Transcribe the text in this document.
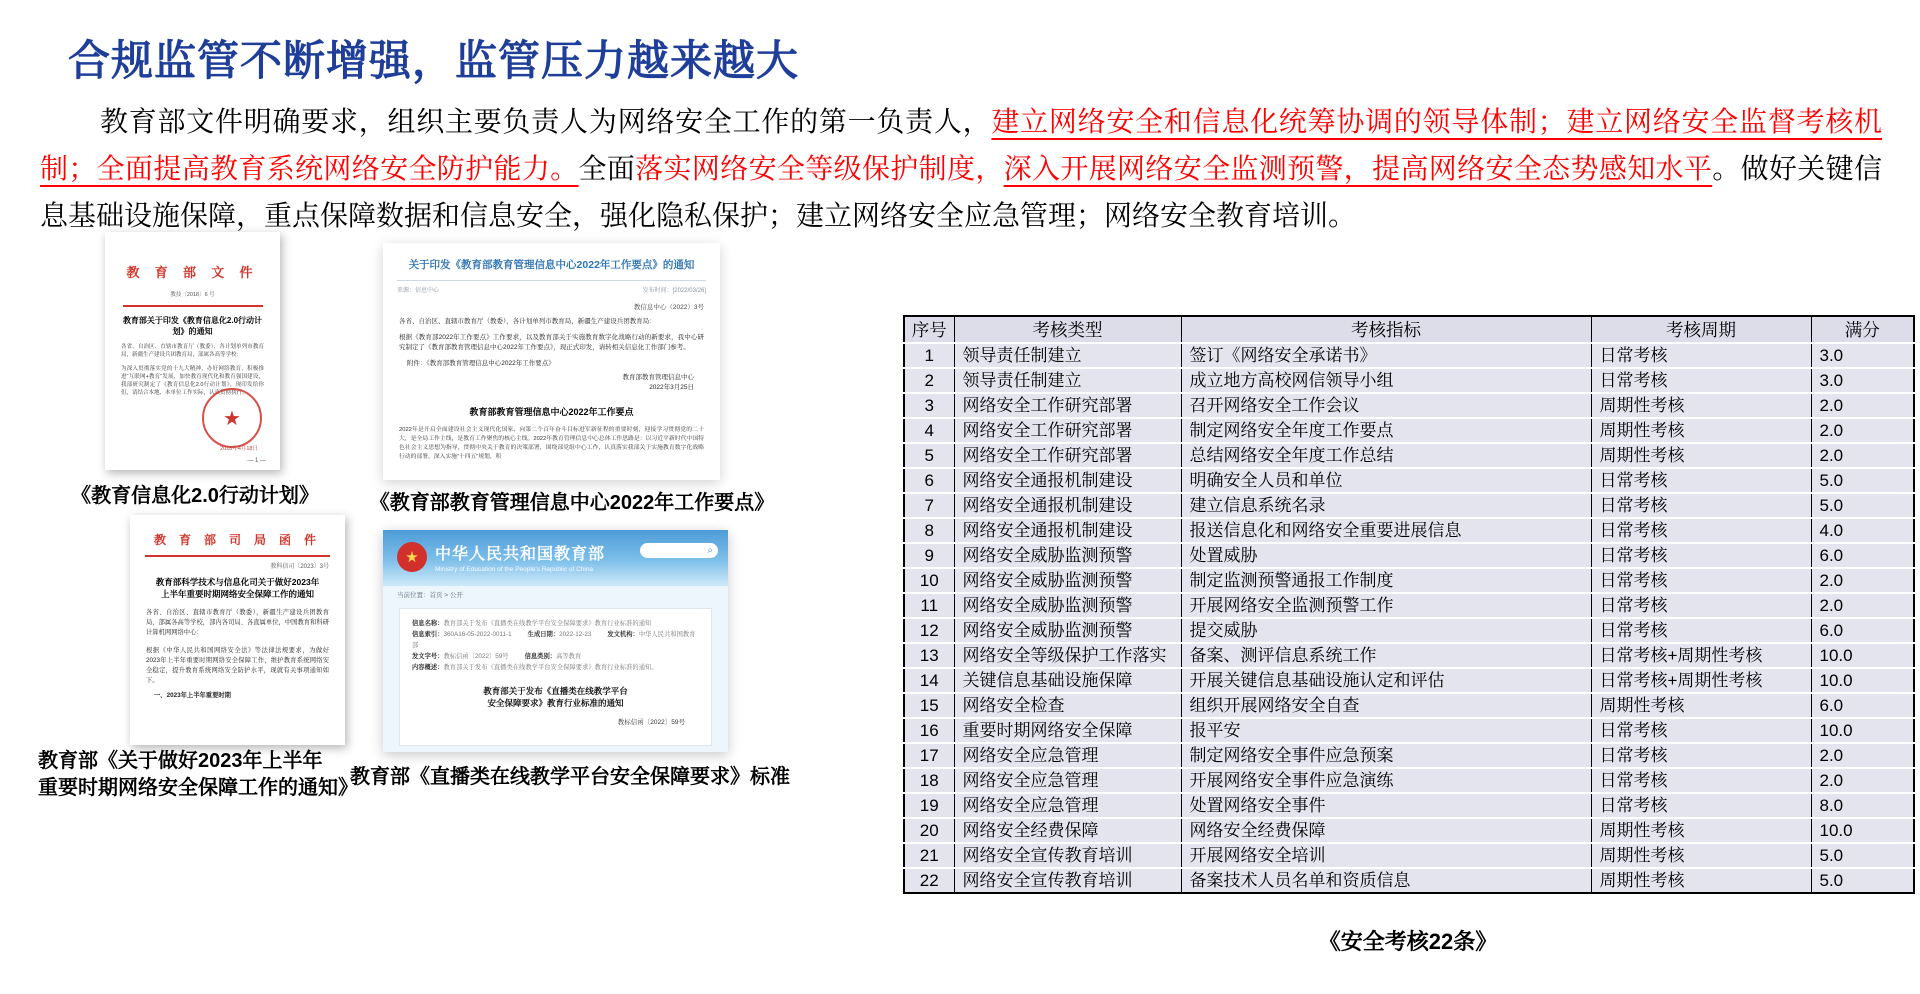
合规监管不断增强，监管压力越来越大

教育部文件明确要求，组织主要负责人为网络安全工作的第一负责人，建立网络安全和信息化统筹协调的领导体制；建立网络安全监督考核机制；全面提高教育系统网络安全防护能力。全面落实网络安全等级保护制度，深入开展网络安全监测预警，提高网络安全态势感知水平。做好关键信息基础设施保障，重点保障数据和信息安全，强化隐私保护；建立网络安全应急管理；网络安全教育培训。

教 育 部 文 件
教技〔2018〕6 号
教育部关于印发《教育信息化2.0行动计划》的通知
各省、自治区、直辖市教育厅（教委），各计划单列市教育局，新疆生产建设兵团教育局，部属各高等学校：
为深入贯彻落实党的十九大精神，办好网络教育，积极推进“互联网+教育”发展，加快教育现代化和教育强国建设，我部研究制定了《教育信息化2.0行动计划》，现印发给你们，请结合本地、本单位工作实际，认真贯彻执行。
★
2018年4月18日
— 1 —
《教育信息化2.0行动计划》
关于印发《教育部教育管理信息中心2022年工作要点》的通知
来源：信息中心	发布时间：[2022/03/26]
教信息中心（2022）3号
各省、自治区、直辖市教育厅（教委），各计划单列市教育局，新疆生产建设兵团教育局：
根据《教育部2022年工作要点》工作要求，以及教育部关于实施教育数字化战略行动的新要求，我中心研究制定了《教育部教育管理信息中心2022年工作要点》，现正式印发，请转相关信息化工作部门参考。
附件：《教育部教育管理信息中心2022年工作要点》
教育部教育管理信息中心
2022年3月25日
教育部教育管理信息中心2022年工作要点
2022年是开启全面建设社会主义现代化国家、向第二个百年奋斗目标进军新征程的重要时刻，迎接学习贯彻党的二十大，是全局工作主线，是教育工作聚焦的核心主线。2022年教育管理信息中心总体工作思路是：以习近平新时代中国特色社会主义思想为指导，贯彻中央关于教育的决策部署，围绕部党组中心工作，认真落实我部关于实施教育数字化战略行动的部署，深入实施“十四五”规划，积
《教育部教育管理信息中心2022年工作要点》
教 育 部 司 局 函 件
教科信司〔2023〕3号
教育部科学技术与信息化司关于做好2023年
上半年重要时期网络安全保障工作的通知
各省、自治区、直辖市教育厅（教委），新疆生产建设兵团教育局，部属各高等学校，部内各司局、各直属单位，中国教育和科研计算机网网络中心：
根据《中华人民共和国网络安全法》等法律法规要求，为做好2023年上半年重要时期网络安全保障工作，维护教育系统网络安全稳定，提升教育系统网络安全防护水平，现就有关事项通知如下。
一、2023年上半年重要时期
教育部《关于做好2023年上半年
重要时期网络安全保障工作的通知》
★	中华人民共和国教育部
Ministry of Education of the People's Republic of China
⌕
当前位置：首页 > 公开
信息名称：教育部关于发布《直播类在线教学平台安全保障要求》教育行业标准的通知
信息索引：360A16-05-2022-0011-1	生成日期：2022-12-23	发文机构：中华人民共和国教育部
发文字号：教标信函〔2022〕59号	信息类别：高等教育
内容概述：教育部关于发布《直播类在线教学平台安全保障要求》教育行业标准的通知。
教育部关于发布《直播类在线教学平台
安全保障要求》教育行业标准的通知
教标信函〔2022〕59号
教育部《直播类在线教学平台安全保障要求》标准
序号	考核类型	考核指标	考核周期	满分
1	领导责任制建立	签订《网络安全承诺书》	日常考核	3.0
2	领导责任制建立	成立地方高校网信领导小组	日常考核	3.0
3	网络安全工作研究部署	召开网络安全工作会议	周期性考核	2.0
4	网络安全工作研究部署	制定网络安全年度工作要点	周期性考核	2.0
5	网络安全工作研究部署	总结网络安全年度工作总结	周期性考核	2.0
6	网络安全通报机制建设	明确安全人员和单位	日常考核	5.0
7	网络安全通报机制建设	建立信息系统名录	日常考核	5.0
8	网络安全通报机制建设	报送信息化和网络安全重要进展信息	日常考核	4.0
9	网络安全威胁监测预警	处置威胁	日常考核	6.0
10	网络安全威胁监测预警	制定监测预警通报工作制度	日常考核	2.0
11	网络安全威胁监测预警	开展网络安全监测预警工作	日常考核	2.0
12	网络安全威胁监测预警	提交威胁	日常考核	6.0
13	网络安全等级保护工作落实	备案、测评信息系统工作	日常考核+周期性考核	10.0
14	关键信息基础设施保障	开展关键信息基础设施认定和评估	日常考核+周期性考核	10.0
15	网络安全检查	组织开展网络安全自查	周期性考核	6.0
16	重要时期网络安全保障	报平安	日常考核	10.0
17	网络安全应急管理	制定网络安全事件应急预案	日常考核	2.0
18	网络安全应急管理	开展网络安全事件应急演练	日常考核	2.0
19	网络安全应急管理	处置网络安全事件	日常考核	8.0
20	网络安全经费保障	网络安全经费保障	周期性考核	10.0
21	网络安全宣传教育培训	开展网络安全培训	周期性考核	5.0
22	网络安全宣传教育培训	备案技术人员名单和资质信息	周期性考核	5.0
《安全考核22条》
